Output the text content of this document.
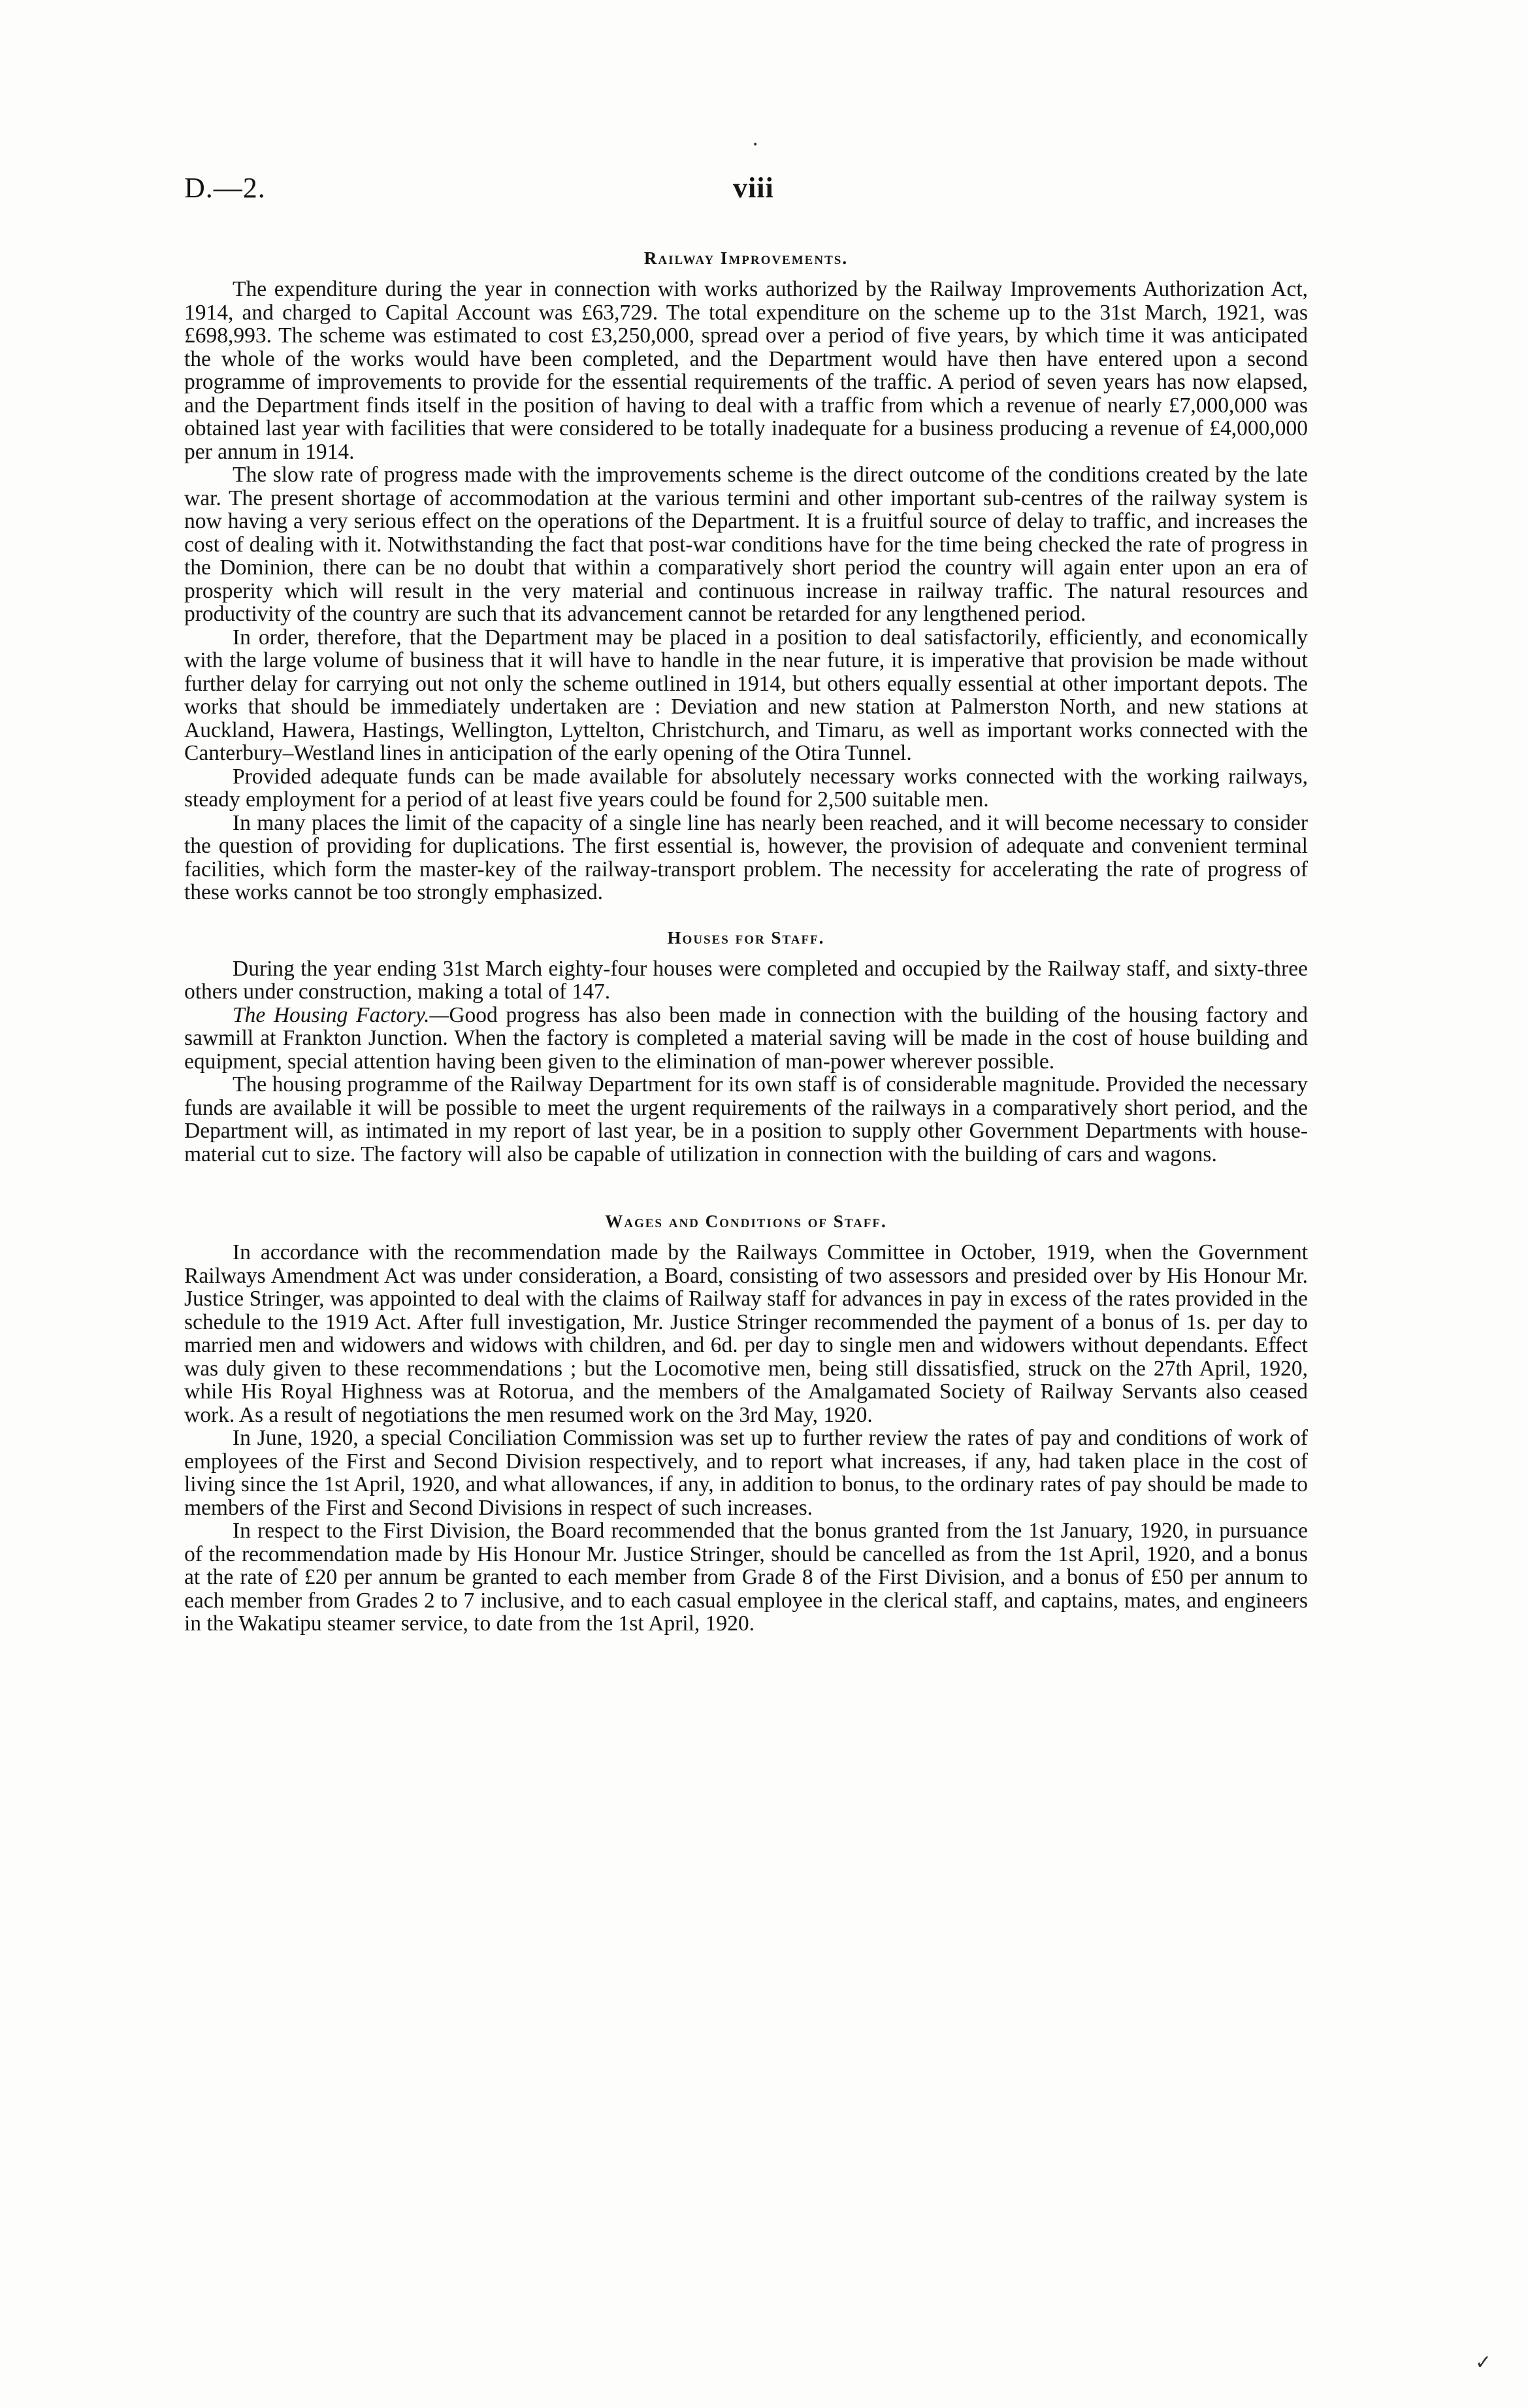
•
✓
D.—2.	viii
Railway Improvements.

The expenditure during the year in connection with works authorized by the Railway Improvements Authorization Act, 1914, and charged to Capital Account was £63,729. The total expenditure on the scheme up to the 31st March, 1921, was £698,993. The scheme was estimated to cost £3,250,000, spread over a period of five years, by which time it was anticipated the whole of the works would have been completed, and the Department would have then have entered upon a second programme of improvements to provide for the essential requirements of the traffic. A period of seven years has now elapsed, and the Department finds itself in the position of having to deal with a traffic from which a revenue of nearly £7,000,000 was obtained last year with facilities that were considered to be totally inadequate for a business producing a revenue of £4,000,000 per annum in 1914.

The slow rate of progress made with the improvements scheme is the direct outcome of the conditions created by the late war. The present shortage of accommodation at the various termini and other important sub-centres of the railway system is now having a very serious effect on the operations of the Department. It is a fruitful source of delay to traffic, and increases the cost of dealing with it. Notwithstanding the fact that post-war conditions have for the time being checked the rate of progress in the Dominion, there can be no doubt that within a comparatively short period the country will again enter upon an era of prosperity which will result in the very material and continuous increase in railway traffic. The natural resources and productivity of the country are such that its advancement cannot be retarded for any lengthened period.

In order, therefore, that the Department may be placed in a position to deal satisfactorily, efficiently, and economically with the large volume of business that it will have to handle in the near future, it is imperative that provision be made without further delay for carrying out not only the scheme outlined in 1914, but others equally essential at other important depots. The works that should be immediately undertaken are : Deviation and new station at Palmerston North, and new stations at Auckland, Hawera, Hastings, Wellington, Lyttelton, Christchurch, and Timaru, as well as important works connected with the Canterbury–Westland lines in anticipation of the early opening of the Otira Tunnel.

Provided adequate funds can be made available for absolutely necessary works connected with the working railways, steady employment for a period of at least five years could be found for 2,500 suitable men.

In many places the limit of the capacity of a single line has nearly been reached, and it will become necessary to consider the question of providing for duplications. The first essential is, however, the provision of adequate and convenient terminal facilities, which form the master-key of the railway-transport problem. The necessity for accelerating the rate of progress of these works cannot be too strongly emphasized.

Houses for Staff.

During the year ending 31st March eighty-four houses were completed and occupied by the Railway staff, and sixty-three others under construction, making a total of 147.

The Housing Factory.—Good progress has also been made in connection with the building of the housing factory and sawmill at Frankton Junction. When the factory is completed a material saving will be made in the cost of house building and equipment, special attention having been given to the elimination of man-power wherever possible.

The housing programme of the Railway Department for its own staff is of considerable magnitude. Provided the necessary funds are available it will be possible to meet the urgent requirements of the railways in a comparatively short period, and the Department will, as intimated in my report of last year, be in a position to supply other Government Departments with house-material cut to size. The factory will also be capable of utilization in connection with the building of cars and wagons.

Wages and Conditions of Staff.

In accordance with the recommendation made by the Railways Committee in October, 1919, when the Government Railways Amendment Act was under consideration, a Board, consisting of two assessors and presided over by His Honour Mr. Justice Stringer, was appointed to deal with the claims of Railway staff for advances in pay in excess of the rates provided in the schedule to the 1919 Act. After full investigation, Mr. Justice Stringer recommended the payment of a bonus of 1s. per day to married men and widowers and widows with children, and 6d. per day to single men and widowers without dependants. Effect was duly given to these recommendations ; but the Locomotive men, being still dissatisfied, struck on the 27th April, 1920, while His Royal Highness was at Rotorua, and the members of the Amalgamated Society of Railway Servants also ceased work. As a result of negotiations the men resumed work on the 3rd May, 1920.

In June, 1920, a special Conciliation Commission was set up to further review the rates of pay and conditions of work of employees of the First and Second Division respectively, and to report what increases, if any, had taken place in the cost of living since the 1st April, 1920, and what allowances, if any, in addition to bonus, to the ordinary rates of pay should be made to members of the First and Second Divisions in respect of such increases.

In respect to the First Division, the Board recommended that the bonus granted from the 1st January, 1920, in pursuance of the recommendation made by His Honour Mr. Justice Stringer, should be cancelled as from the 1st April, 1920, and a bonus at the rate of £20 per annum be granted to each member from Grade 8 of the First Division, and a bonus of £50 per annum to each member from Grades 2 to 7 inclusive, and to each casual employee in the clerical staff, and captains, mates, and engineers in the Wakatipu steamer service, to date from the 1st April, 1920.
